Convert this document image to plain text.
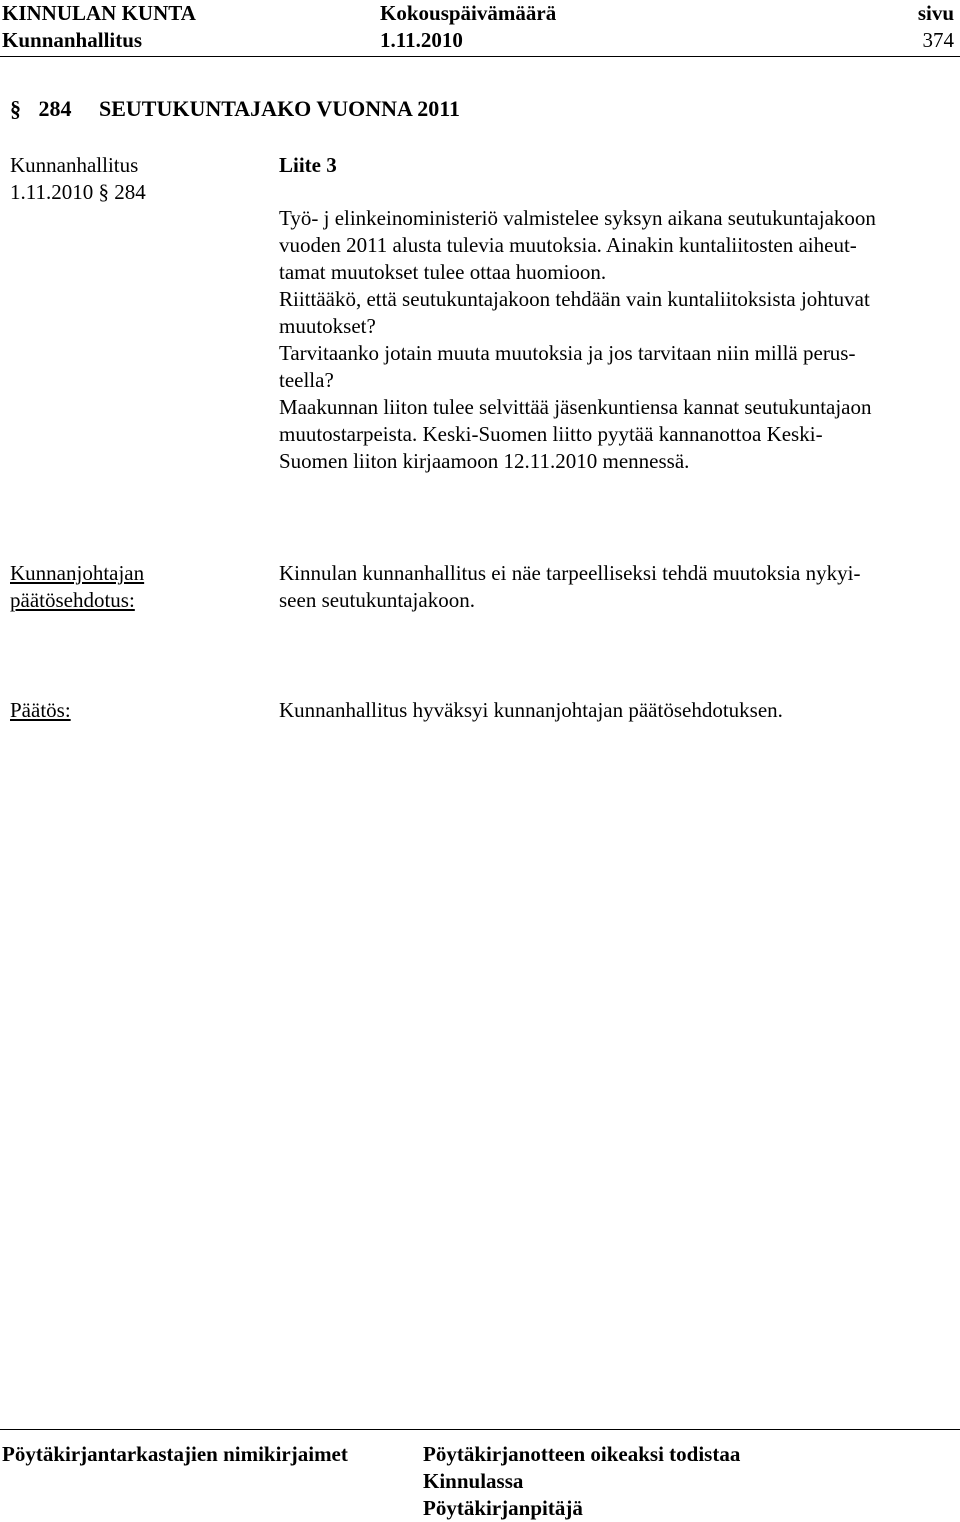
KINNULAN KUNTA
Kunnanhallitus
Kokouspäivämäärä
1.11.2010
sivu
374
§ 284 SEUTUKUNTAJAKO VUONNA 2011
Kunnanhallitus
1.11.2010 § 284
Liite 3
Työ- j elinkeinoministeriö valmistelee syksyn aikana seutukuntajakoon
vuoden 2011 alusta tulevia muutoksia. Ainakin kuntaliitosten aiheut-
tamat muutokset tulee ottaa huomioon.
Riittääkö, että seutukuntajakoon tehdään vain kuntaliitoksista johtuvat
muutokset?
Tarvitaanko jotain muuta muutoksia ja jos tarvitaan niin millä perus-
teella?
Maakunnan liiton tulee selvittää jäsenkuntiensa kannat seutukuntajaon
muutostarpeista. Keski-Suomen liitto pyytää kannanottoa Keski-
Suomen liiton kirjaamoon 12.11.2010 mennessä.
Kunnanjohtajan
päätösehdotus:
Kinnulan kunnanhallitus ei näe tarpeelliseksi tehdä muutoksia nykyi-
seen seutukuntajakoon.
Päätös:	Kunnanhallitus hyväksyi kunnanjohtajan päätösehdotuksen.
Pöytäkirjantarkastajien nimikirjaimet	Pöytäkirjanotteen oikeaksi todistaa
Kinnulassa
Pöytäkirjanpitäjä
